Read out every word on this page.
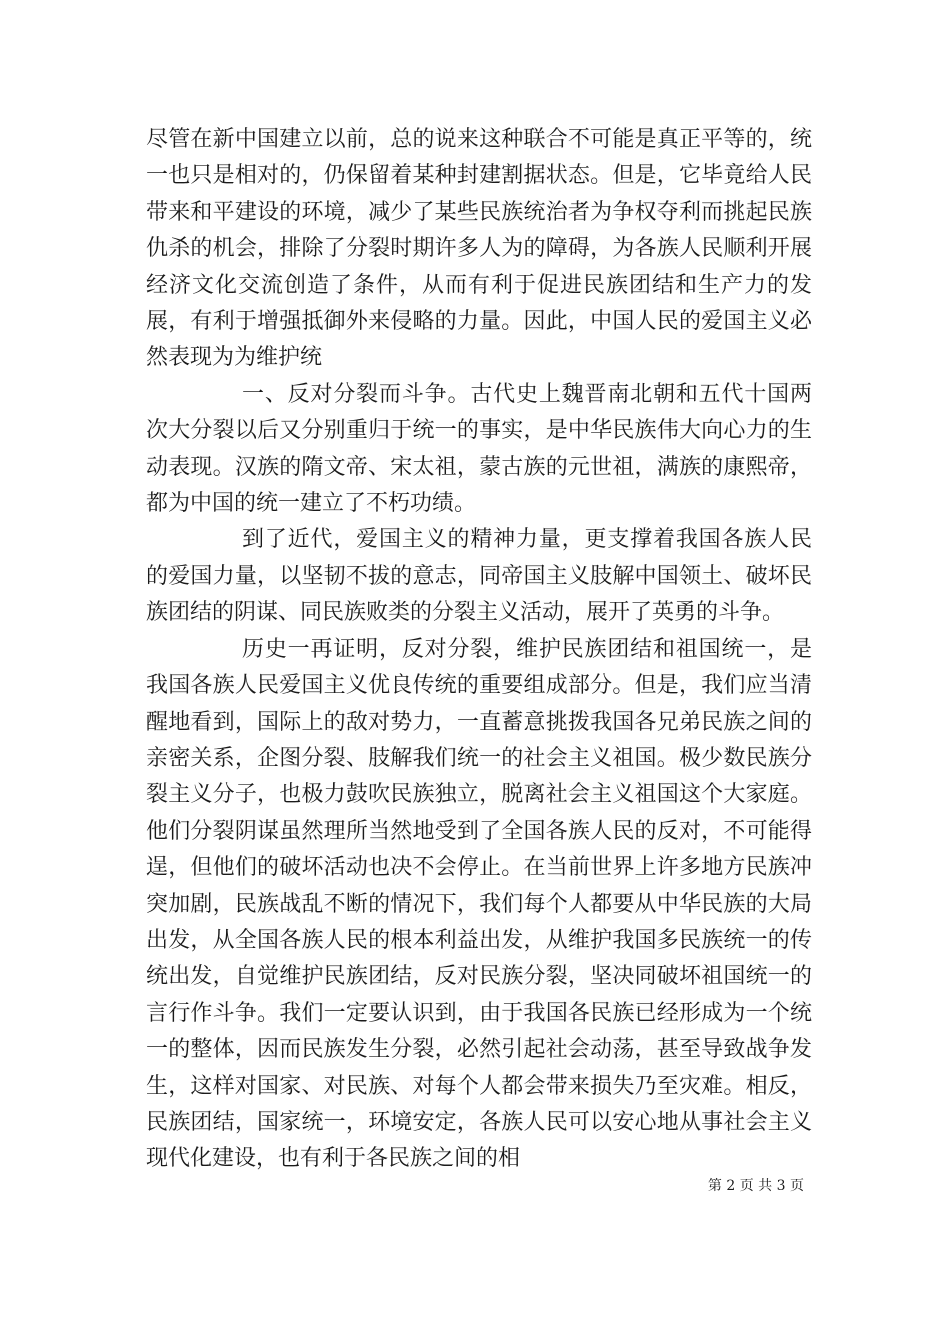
尽管在新中国建立以前，总的说来这种联合不可能是真正平等的，统一也只是相对的，仍保留着某种封建割据状态。但是，它毕竟给人民带来和平建设的环境，减少了某些民族统治者为争权夺利而挑起民族仇杀的机会，排除了分裂时期许多人为的障碍，为各族人民顺利开展经济文化交流创造了条件，从而有利于促进民族团结和生产力的发展，有利于增强抵御外来侵略的力量。因此，中国人民的爱国主义必然表现为为维护统

一、反对分裂而斗争。古代史上魏晋南北朝和五代十国两次大分裂以后又分别重归于统一的事实，是中华民族伟大向心力的生动表现。汉族的隋文帝、宋太祖，蒙古族的元世祖，满族的康熙帝，都为中国的统一建立了不朽功绩。

到了近代，爱国主义的精神力量，更支撑着我国各族人民的爱国力量，以坚韧不拔的意志，同帝国主义肢解中国领土、破坏民族团结的阴谋、同民族败类的分裂主义活动，展开了英勇的斗争。

历史一再证明，反对分裂，维护民族团结和祖国统一，是我国各族人民爱国主义优良传统的重要组成部分。但是，我们应当清醒地看到，国际上的敌对势力，一直蓄意挑拨我国各兄弟民族之间的亲密关系，企图分裂、肢解我们统一的社会主义祖国。极少数民族分裂主义分子，也极力鼓吹民族独立，脱离社会主义祖国这个大家庭。他们分裂阴谋虽然理所当然地受到了全国各族人民的反对，不可能得逞，但他们的破坏活动也决不会停止。在当前世界上许多地方民族冲突加剧，民族战乱不断的情况下，我们每个人都要从中华民族的大局出发，从全国各族人民的根本利益出发，从维护我国多民族统一的传统出发，自觉维护民族团结，反对民族分裂，坚决同破坏祖国统一的言行作斗争。我们一定要认识到，由于我国各民族已经形成为一个统一的整体，因而民族发生分裂，必然引起社会动荡，甚至导致战争发生，这样对国家、对民族、对每个人都会带来损失乃至灾难。相反，民族团结，国家统一，环境安定，各族人民可以安心地从事社会主义现代化建设，也有利于各民族之间的相

第 2 页 共 3 页
